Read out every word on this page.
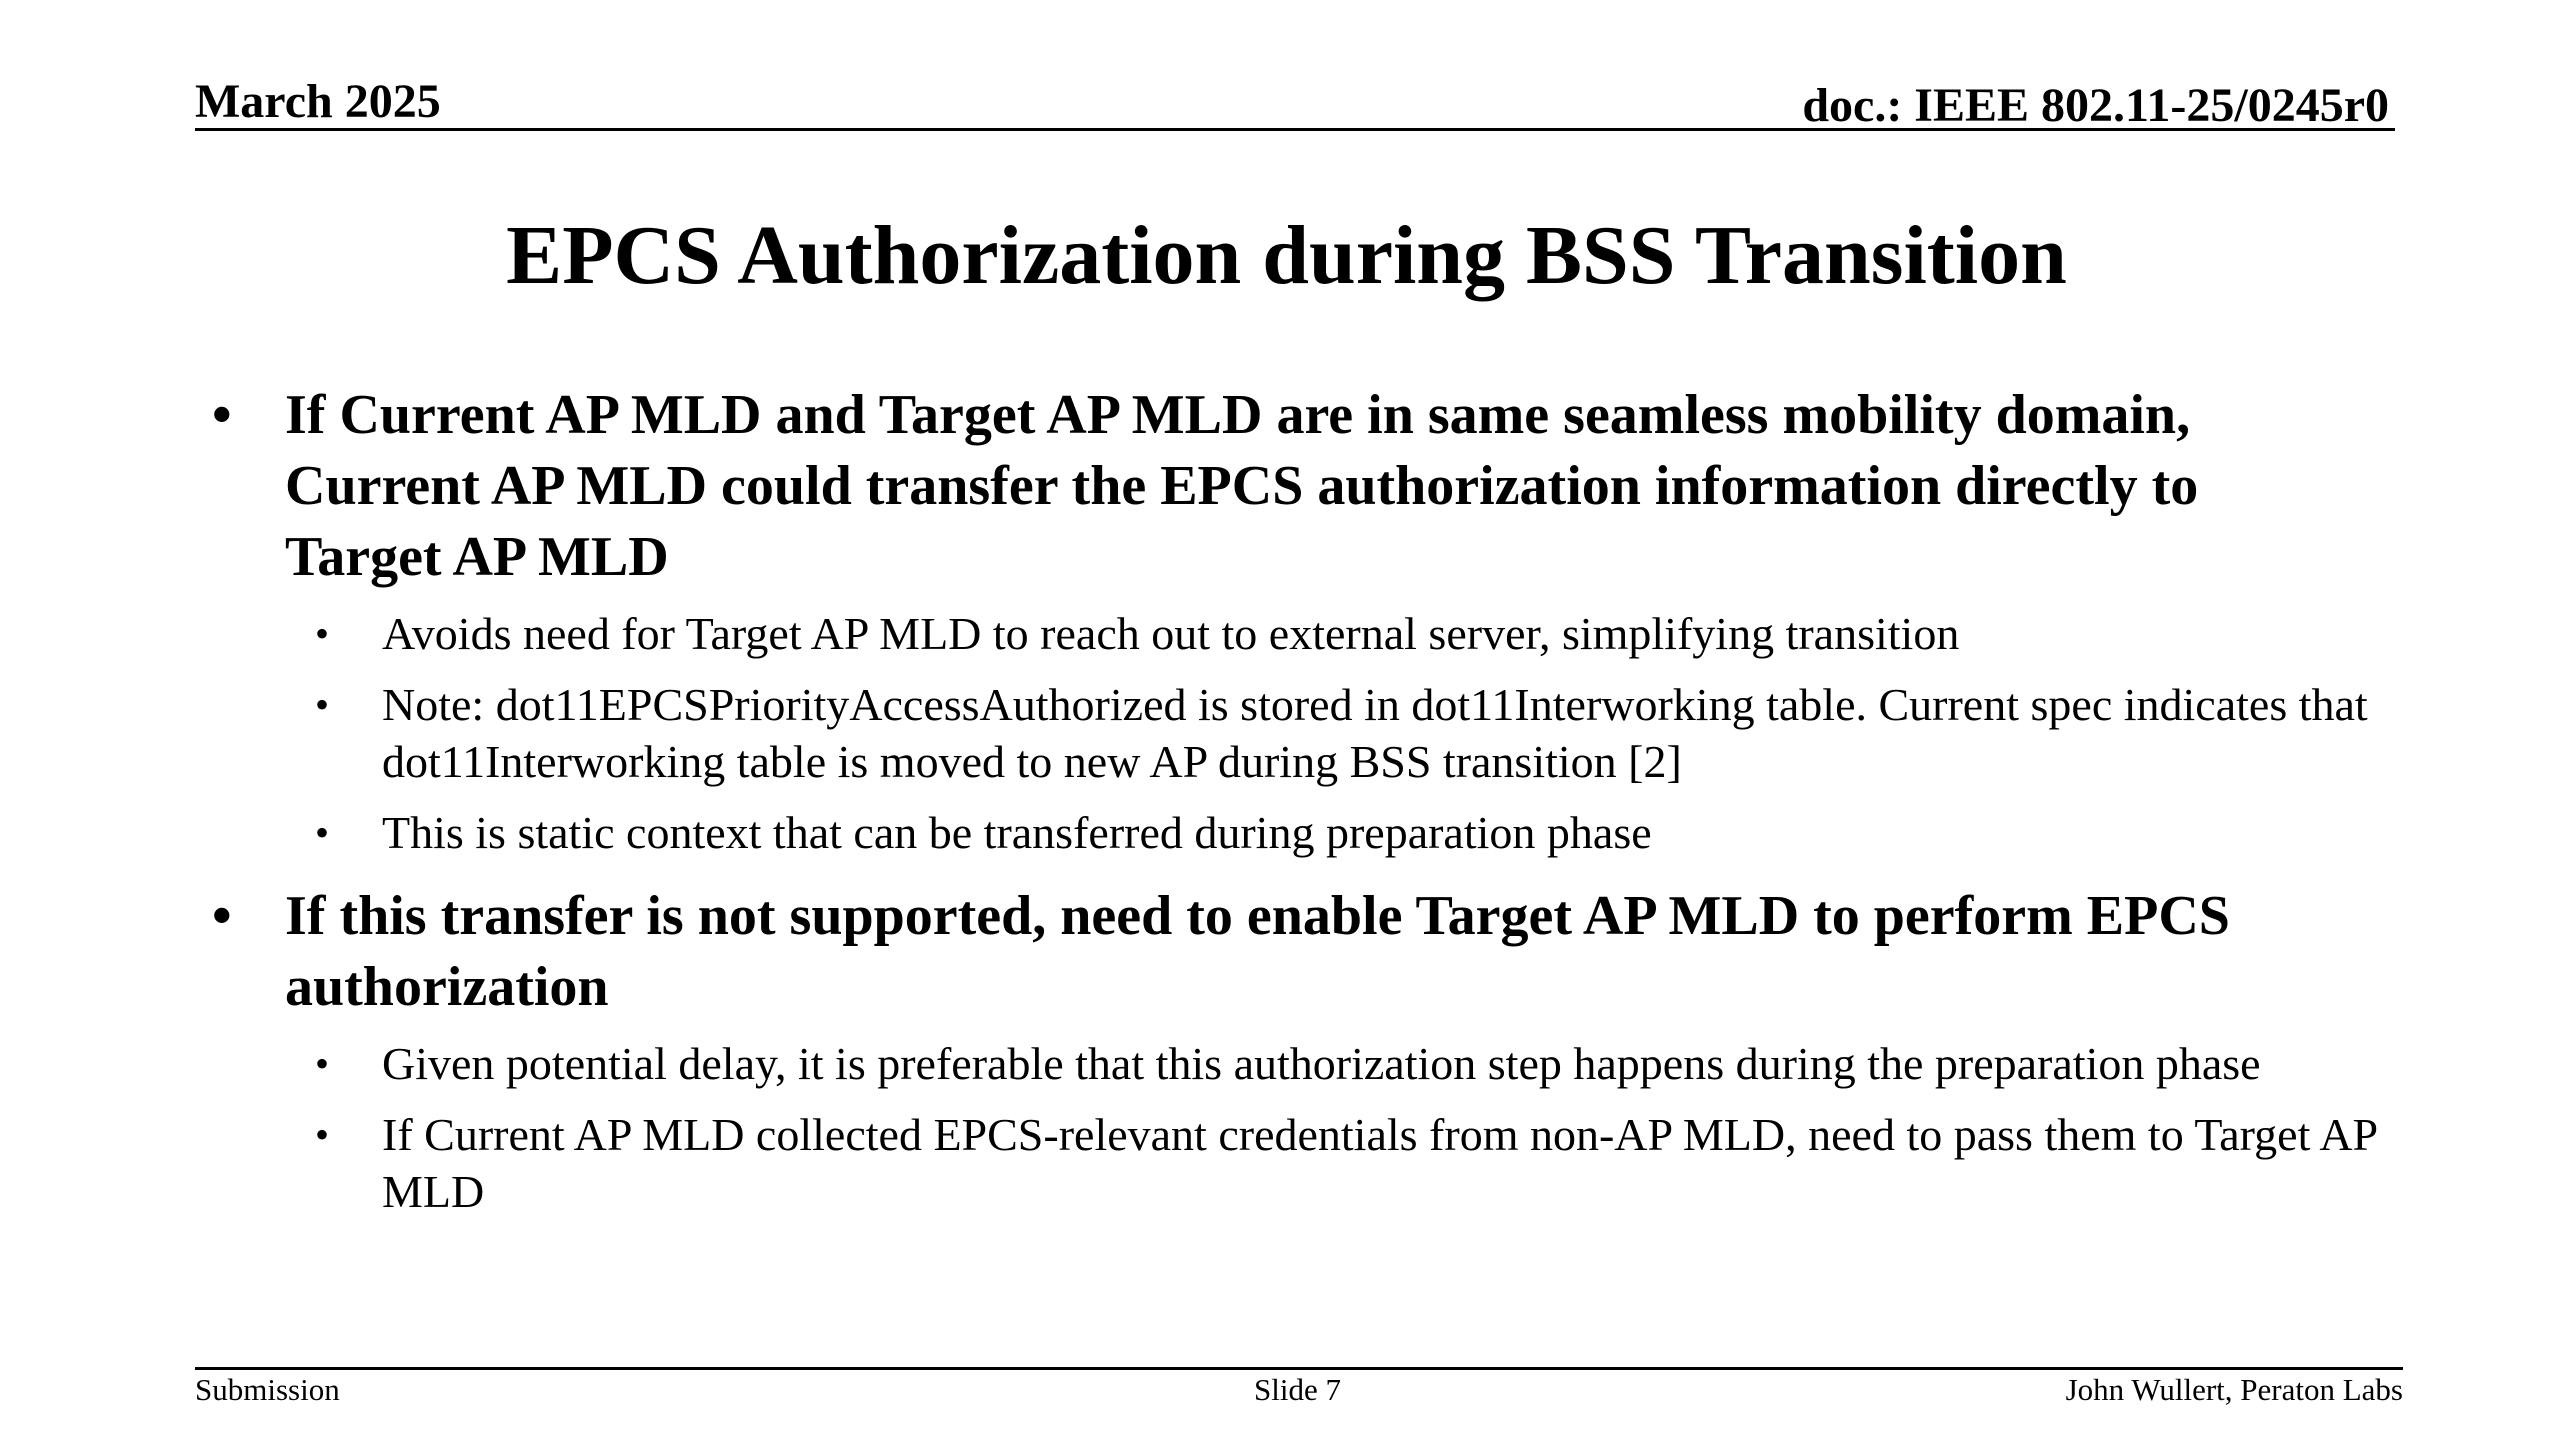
March 2025	doc.: IEEE 802.11-25/0245r0
EPCS Authorization during BSS Transition
• If Current AP MLD and Target AP MLD are in same seamless mobility domain, Current AP MLD could transfer the EPCS authorization information directly to Target AP MLD
• Avoids need for Target AP MLD to reach out to external server, simplifying transition
• Note: dot11EPCSPriorityAccessAuthorized is stored in dot11Interworking table. Current spec indicates that dot11Interworking table is moved to new AP during BSS transition [2]
• This is static context that can be transferred during preparation phase
• If this transfer is not supported, need to enable Target AP MLD to perform EPCS authorization
• Given potential delay, it is preferable that this authorization step happens during the preparation phase
• If Current AP MLD collected EPCS-relevant credentials from non-AP MLD, need to pass them to Target AP MLD
Submission	Slide 7	John Wullert, Peraton Labs
